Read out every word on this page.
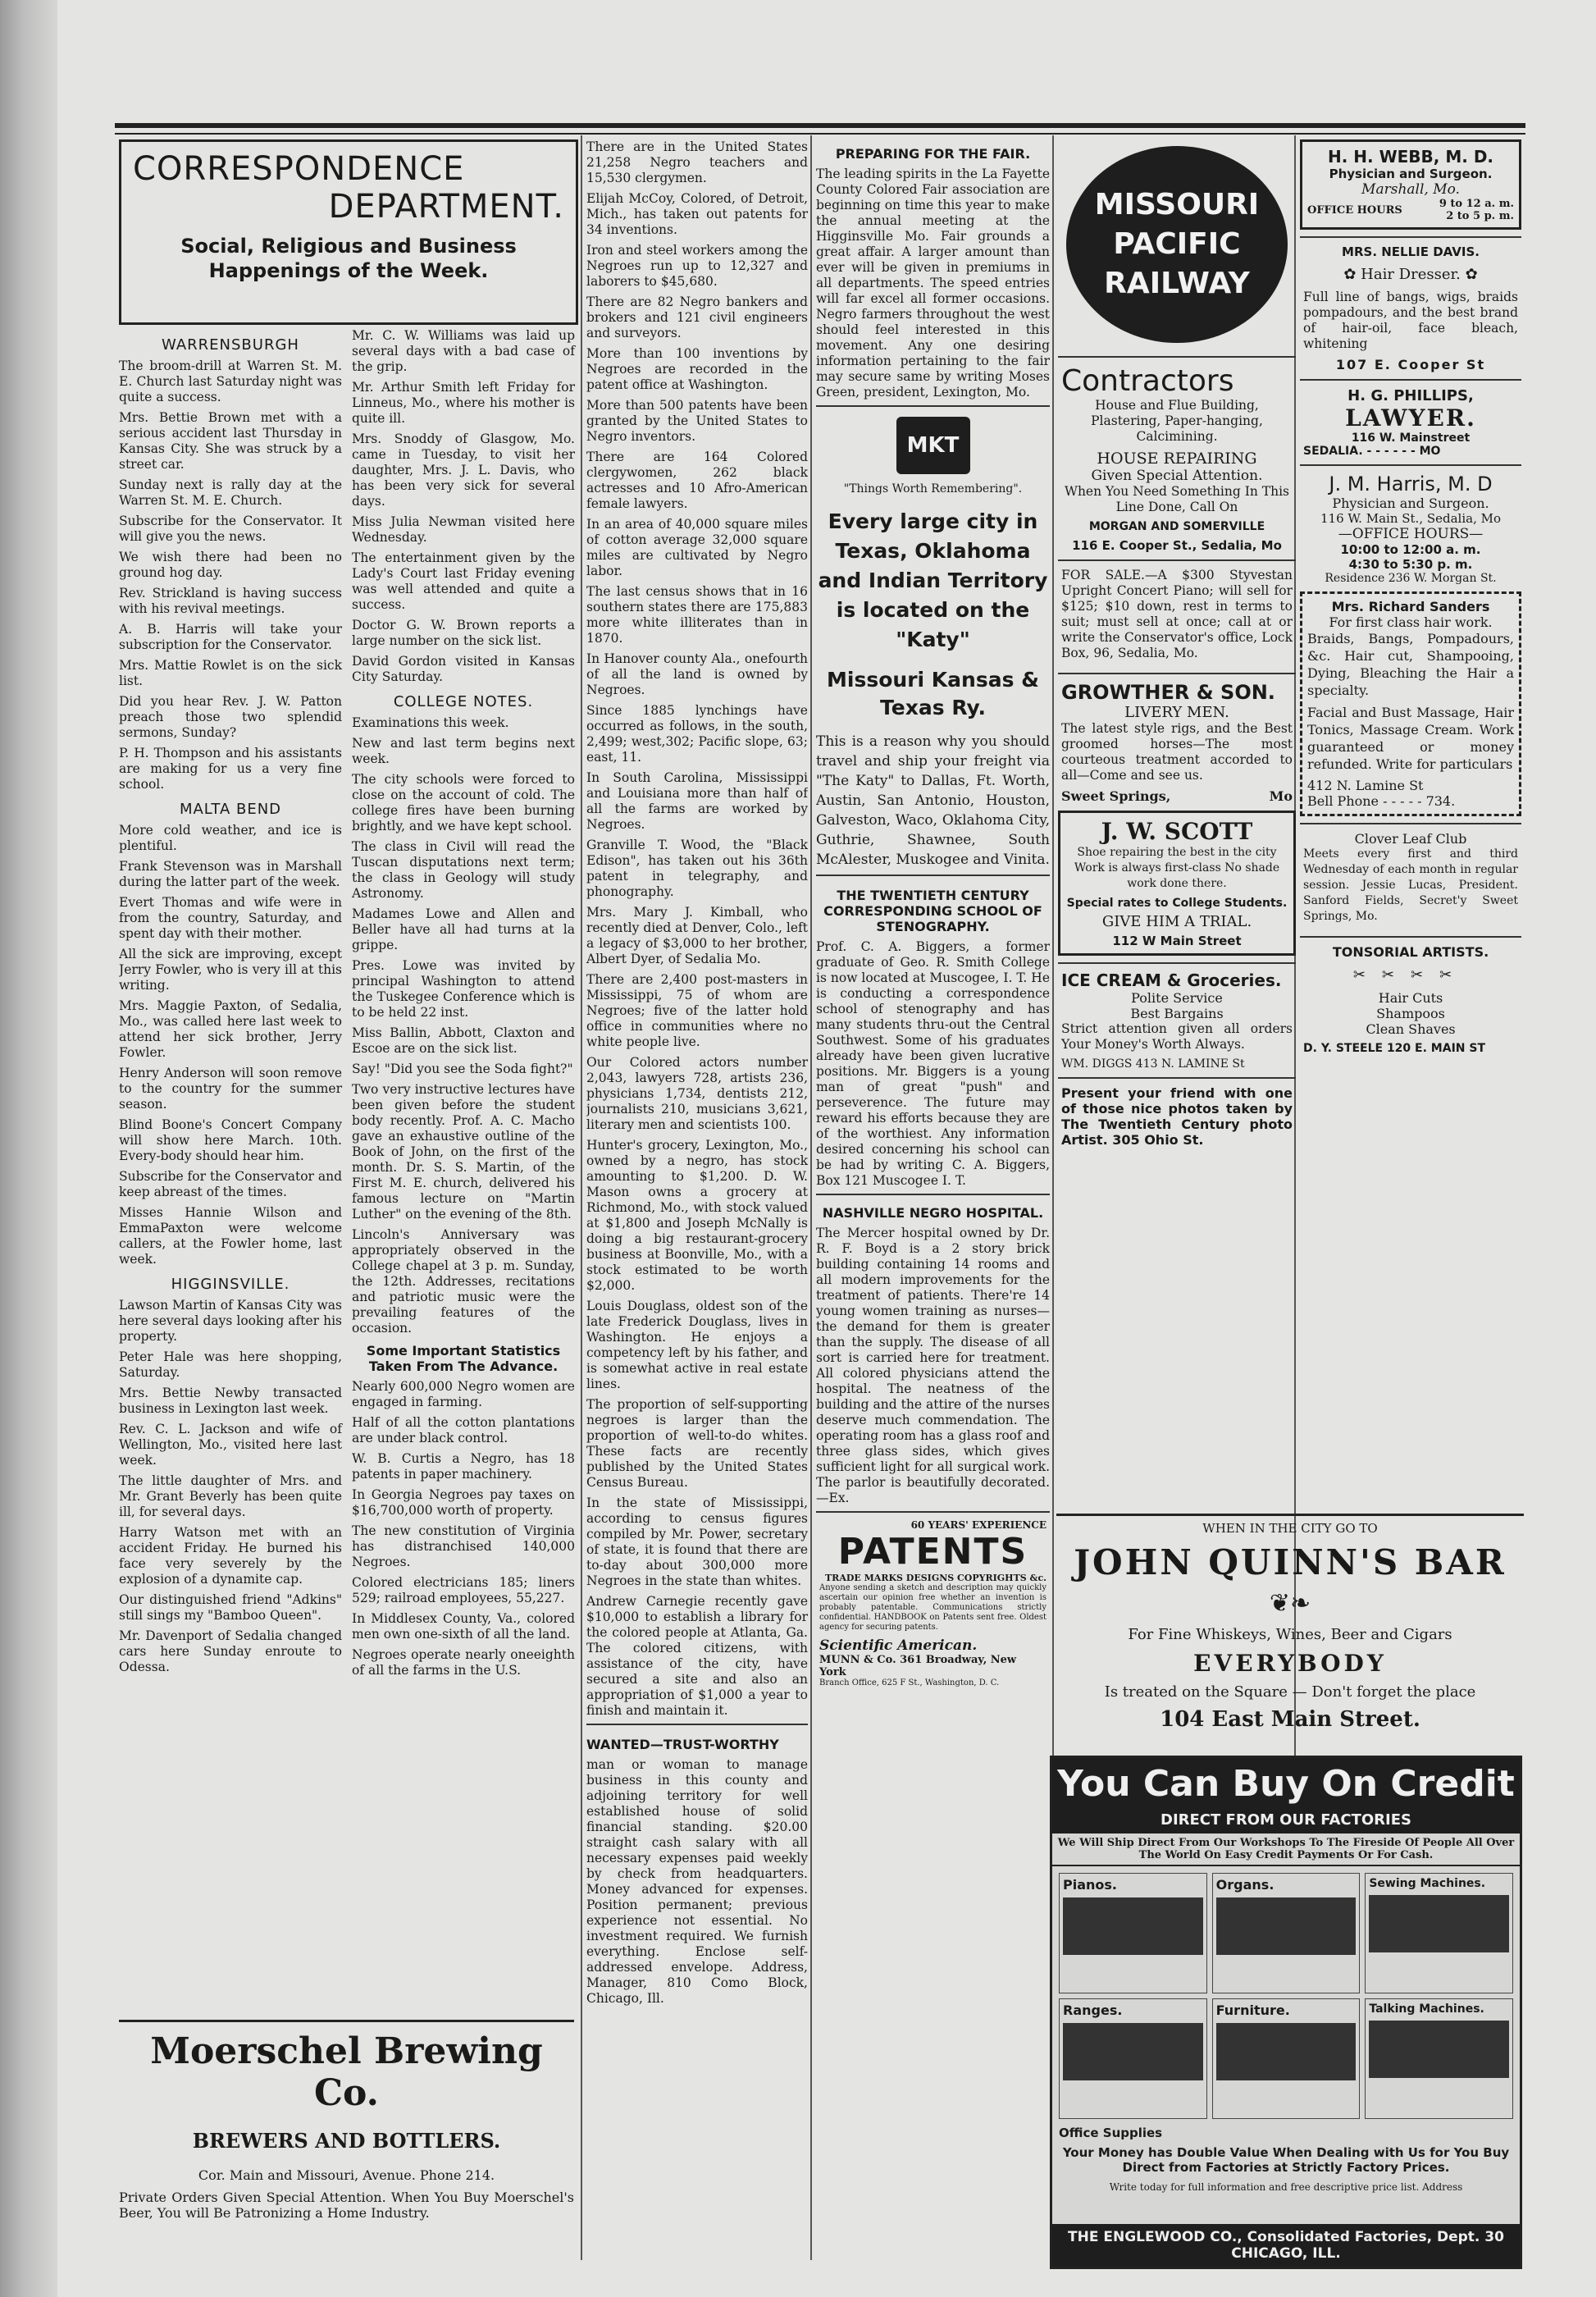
CORRESPONDENCE
DEPARTMENT.
Social, Religious and Business Happenings of the Week.
WARRENSBURGH

The broom-drill at Warren St. M. E. Church last Saturday night was quite a success.

Mrs. Bettie Brown met with a serious accident last Thursday in Kansas City. She was struck by a street car.

Sunday next is rally day at the Warren St. M. E. Church.

Subscribe for the Conservator. It will give you the news.

We wish there had been no ground hog day.

Rev. Strickland is having success with his revival meetings.

A. B. Harris will take your subscription for the Conservator.

Mrs. Mattie Rowlet is on the sick list.

Did you hear Rev. J. W. Patton preach those two splendid sermons, Sunday?

P. H. Thompson and his assistants are making for us a very fine school.

MALTA BEND

More cold weather, and ice is plentiful.

Frank Stevenson was in Marshall during the latter part of the week.

Evert Thomas and wife were in from the country, Saturday, and spent day with their mother.

All the sick are improving, except Jerry Fowler, who is very ill at this writing.

Mrs. Maggie Paxton, of Sedalia, Mo., was called here last week to attend her sick brother, Jerry Fowler.

Henry Anderson will soon remove to the country for the summer season.

Blind Boone's Concert Company will show here March. 10th. Every-body should hear him.

Subscribe for the Conservator and keep abreast of the times.

Misses Hannie Wilson and EmmaPaxton were welcome callers, at the Fowler home, last week.

HIGGINSVILLE.

Lawson Martin of Kansas City was here several days looking after his property.

Peter Hale was here shopping, Saturday.

Mrs. Bettie Newby transacted business in Lexington last week.

Rev. C. L. Jackson and wife of Wellington, Mo., visited here last week.

The little daughter of Mrs. and Mr. Grant Beverly has been quite ill, for several days.

Harry Watson met with an accident Friday. He burned his face very severely by the explosion of a dynamite cap.

Our distinguished friend "Adkins" still sings my "Bamboo Queen".

Mr. Davenport of Sedalia changed cars here Sunday enroute to Odessa.

Mr. C. W. Williams was laid up several days with a bad case of the grip.

Mr. Arthur Smith left Friday for Linneus, Mo., where his mother is quite ill.

Mrs. Snoddy of Glasgow, Mo. came in Tuesday, to visit her daughter, Mrs. J. L. Davis, who has been very sick for several days.

Miss Julia Newman visited here Wednesday.

The entertainment given by the Lady's Court last Friday evening was well attended and quite a success.

Doctor G. W. Brown reports a large number on the sick list.

David Gordon visited in Kansas City Saturday.

COLLEGE NOTES.

Examinations this week.

New and last term begins next week.

The city schools were forced to close on the account of cold. The college fires have been burning brightly, and we have kept school.

The class in Civil will read the Tuscan disputations next term; the class in Geology will study Astronomy.

Madames Lowe and Allen and Beller have all had turns at la grippe.

Pres. Lowe was invited by principal Washington to attend the Tuskegee Conference which is to be held 22 inst.

Miss Ballin, Abbott, Claxton and Escoe are on the sick list.

Say! "Did you see the Soda fight?"

Two very instructive lectures have been given before the student body recently. Prof. A. C. Macho gave an exhaustive outline of the Book of John, on the first of the month. Dr. S. S. Martin, of the First M. E. church, delivered his famous lecture on "Martin Luther" on the evening of the 8th.

Lincoln's Anniversary was appropriately observed in the College chapel at 3 p. m. Sunday, the 12th. Addresses, recitations and patriotic music were the prevailing features of the occasion.

Some Important Statistics Taken From The Advance.

Nearly 600,000 Negro women are engaged in farming.

Half of all the cotton plantations are under black control.

W. B. Curtis a Negro, has 18 patents in paper machinery.

In Georgia Negroes pay taxes on $16,700,000 worth of property.

The new constitution of Virginia has distranchised 140,000 Negroes.

Colored electricians 185; liners 529; railroad employees, 55,227.

In Middlesex County, Va., colored men own one-sixth of all the land.

Negroes operate nearly oneeighth of all the farms in the U.S.

Moerschel Brewing Co.
BREWERS AND BOTTLERS.
Cor. Main and Missouri, Avenue. Phone 214.

Private Orders Given Special Attention. When You Buy Moerschel's Beer, You will Be Patronizing a Home Industry.

There are in the United States 21,258 Negro teachers and 15,530 clergymen.

Elijah McCoy, Colored, of Detroit, Mich., has taken out patents for 34 inventions.

Iron and steel workers among the Negroes run up to 12,327 and laborers to $45,680.

There are 82 Negro bankers and brokers and 121 civil engineers and surveyors.

More than 100 inventions by Negroes are recorded in the patent office at Washington.

More than 500 patents have been granted by the United States to Negro inventors.

There are 164 Colored clergywomen, 262 black actresses and 10 Afro-American female lawyers.

In an area of 40,000 square miles of cotton average 32,000 square miles are cultivated by Negro labor.

The last census shows that in 16 southern states there are 175,883 more white illiterates than in 1870.

In Hanover county Ala., onefourth of all the land is owned by Negroes.

Since 1885 lynchings have occurred as follows, in the south, 2,499; west,302; Pacific slope, 63; east, 11.

In South Carolina, Mississippi and Louisiana more than half of all the farms are worked by Negroes.

Granville T. Wood, the "Black Edison", has taken out his 36th patent in telegraphy, and phonography.

Mrs. Mary J. Kimball, who recently died at Denver, Colo., left a legacy of $3,000 to her brother, Albert Dyer, of Sedalia Mo.

There are 2,400 post-masters in Mississippi, 75 of whom are Negroes; five of the latter hold office in communities where no white people live.

Our Colored actors number 2,043, lawyers 728, artists 236, physicians 1,734, dentists 212, journalists 210, musicians 3,621, literary men and scientists 100.

Hunter's grocery, Lexington, Mo., owned by a negro, has stock amounting to $1,200. D. W. Mason owns a grocery at Richmond, Mo., with stock valued at $1,800 and Joseph McNally is doing a big restaurant-grocery business at Boonville, Mo., with a stock estimated to be worth $2,000.

Louis Douglass, oldest son of the late Frederick Douglass, lives in Washington. He enjoys a competency left by his father, and is somewhat active in real estate lines.

The proportion of self-supporting negroes is larger than the proportion of well-to-do whites. These facts are recently published by the United States Census Bureau.

In the state of Mississippi, according to census figures compiled by Mr. Power, secretary of state, it is found that there are to-day about 300,000 more Negroes in the state than whites.

Andrew Carnegie recently gave $10,000 to establish a library for the colored people at Atlanta, Ga. The colored citizens, with assistance of the city, have secured a site and also an appropriation of $1,000 a year to finish and maintain it.

WANTED—TRUST-WORTHY

man or woman to manage business in this county and adjoining territory for well established house of solid financial standing. $20.00 straight cash salary with all necessary expenses paid weekly by check from headquarters. Money advanced for expenses. Position permanent; previous experience not essential. No investment required. We furnish everything. Enclose self-addressed envelope. Address, Manager, 810 Como Block, Chicago, Ill.

PREPARING FOR THE FAIR.

The leading spirits in the La Fayette County Colored Fair association are beginning on time this year to make the annual meeting at the Higginsville Mo. Fair grounds a great affair. A larger amount than ever will be given in premiums in all departments. The speed entries will far excel all former occasions. Negro farmers throughout the west should feel interested in this movement. Any one desiring information pertaining to the fair may secure same by writing Moses Green, president, Lexington, Mo.

MKT
"Things Worth Remembering".
Every large city in Texas, Oklahoma and Indian Territory is located on the "Katy"
Missouri Kansas & Texas Ry.

This is a reason why you should travel and ship your freight via "The Katy" to Dallas, Ft. Worth, Austin, San Antonio, Houston, Galveston, Waco, Oklahoma City, Guthrie, Shawnee, South McAlester, Muskogee and Vinita.

THE TWENTIETH CENTURY CORRESPONDING SCHOOL OF STENOGRAPHY.

Prof. C. A. Biggers, a former graduate of Geo. R. Smith College is now located at Muscogee, I. T. He is conducting a correspondence school of stenography and has many students thru-out the Central Southwest. Some of his graduates already have been given lucrative positions. Mr. Biggers is a young man of great "push" and perseverence. The future may reward his efforts because they are of the worthiest. Any information desired concerning his school can be had by writing C. A. Biggers, Box 121 Muscogee I. T.

NASHVILLE NEGRO HOSPITAL.

The Mercer hospital owned by Dr. R. F. Boyd is a 2 story brick building containing 14 rooms and all modern improvements for the treatment of patients. There're 14 young women training as nurses—the demand for them is greater than the supply. The disease of all sort is carried here for treatment. All colored physicians attend the hospital. The neatness of the building and the attire of the nurses deserve much commendation. The operating room has a glass roof and three glass sides, which gives sufficient light for all surgical work. The parlor is beautifully decorated.—Ex.

60 YEARS' EXPERIENCE
PATENTS
TRADE MARKS DESIGNS COPYRIGHTS &c.

Anyone sending a sketch and description may quickly ascertain our opinion free whether an invention is probably patentable. Communications strictly confidential. HANDBOOK on Patents sent free. Oldest agency for securing patents.

Scientific American.
MUNN & Co. 361 Broadway, New York
Branch Office, 625 F St., Washington, D. C.
MISSOURI
PACIFIC
RAILWAY
Contractors

House and Flue Building, Plastering, Paper-hanging, Calcimining.

HOUSE REPAIRING
Given Special Attention.

When You Need Something In This Line Done, Call On

MORGAN AND SOMERVILLE
116 E. Cooper St., Sedalia, Mo

FOR SALE.—A $300 Styvestan Upright Concert Piano; will sell for $125; $10 down, rest in terms to suit; must sell at once; call at or write the Conservator's office, Lock Box, 96, Sedalia, Mo.

GROWTHER & SON.
LIVERY MEN.

The latest style rigs, and the Best groomed horses—The most courteous treatment accorded to all—Come and see us.

Sweet Springs,	Mo
J. W. SCOTT

Shoe repairing the best in the city Work is always first-class No shade work done there.

Special rates to College Students.
GIVE HIM A TRIAL.
112 W Main Street
ICE CREAM & Groceries.
Polite Service
Best Bargains

Strict attention given all orders Your Money's Worth Always.

WM. DIGGS 413 N. LAMINE St

Present your friend with one of those nice photos taken by The Twentieth Century photo Artist. 305 Ohio St.

H. H. WEBB, M. D.
Physician and Surgeon.
Marshall, Mo.
OFFICE HOURS	9 to 12 a. m.
2 to 5 p. m.
MRS. NELLIE DAVIS.
✿ Hair Dresser. ✿

Full line of bangs, wigs, braids pompadours, and the best brand of hair-oil, face bleach, whitening

107 E. Cooper St
H. G. PHILLIPS,
LAWYER.
116 W. Mainstreet
SEDALIA. - - - - - - MO
J. M. Harris, M. D
Physician and Surgeon.
116 W. Main St., Sedalia, Mo
—OFFICE HOURS—
10:00 to 12:00 a. m.
4:30 to 5:30 p. m.
Residence 236 W. Morgan St.
Mrs. Richard Sanders
For first class hair work.

Braids, Bangs, Pompadours, &c. Hair cut, Shampooing, Dying, Bleaching the Hair a specialty.

Facial and Bust Massage, Hair Tonics, Massage Cream. Work guaranteed or money refunded. Write for particulars

412 N. Lamine St
Bell Phone - - - - - 734.
Clover Leaf Club

Meets every first and third Wednesday of each month in regular session. Jessie Lucas, President. Sanford Fields, Secret'y Sweet Springs, Mo.

TONSORIAL ARTISTS.
✂✂✂✂
Hair Cuts
Shampoos
Clean Shaves
D. Y. STEELE 120 E. MAIN ST
WHEN IN THE CITY GO TO
JOHN QUINN'S BAR
❦❧
For Fine Whiskeys, Wines, Beer and Cigars
EVERYBODY
Is treated on the Square — Don't forget the place
104 East Main Street.
You Can Buy On Credit
DIRECT FROM OUR FACTORIES
We Will Ship Direct From Our Workshops To The Fireside Of People All Over The World On Easy Credit Payments Or For Cash.
Pianos.	Organs.	Sewing Machines.
Ranges.	Furniture.	Talking Machines.
Office Supplies
Your Money has Double Value When Dealing with Us for You Buy Direct from Factories at Strictly Factory Prices.
Write today for full information and free descriptive price list. Address
THE ENGLEWOOD CO., Consolidated Factories, Dept. 30 CHICAGO, ILL.
